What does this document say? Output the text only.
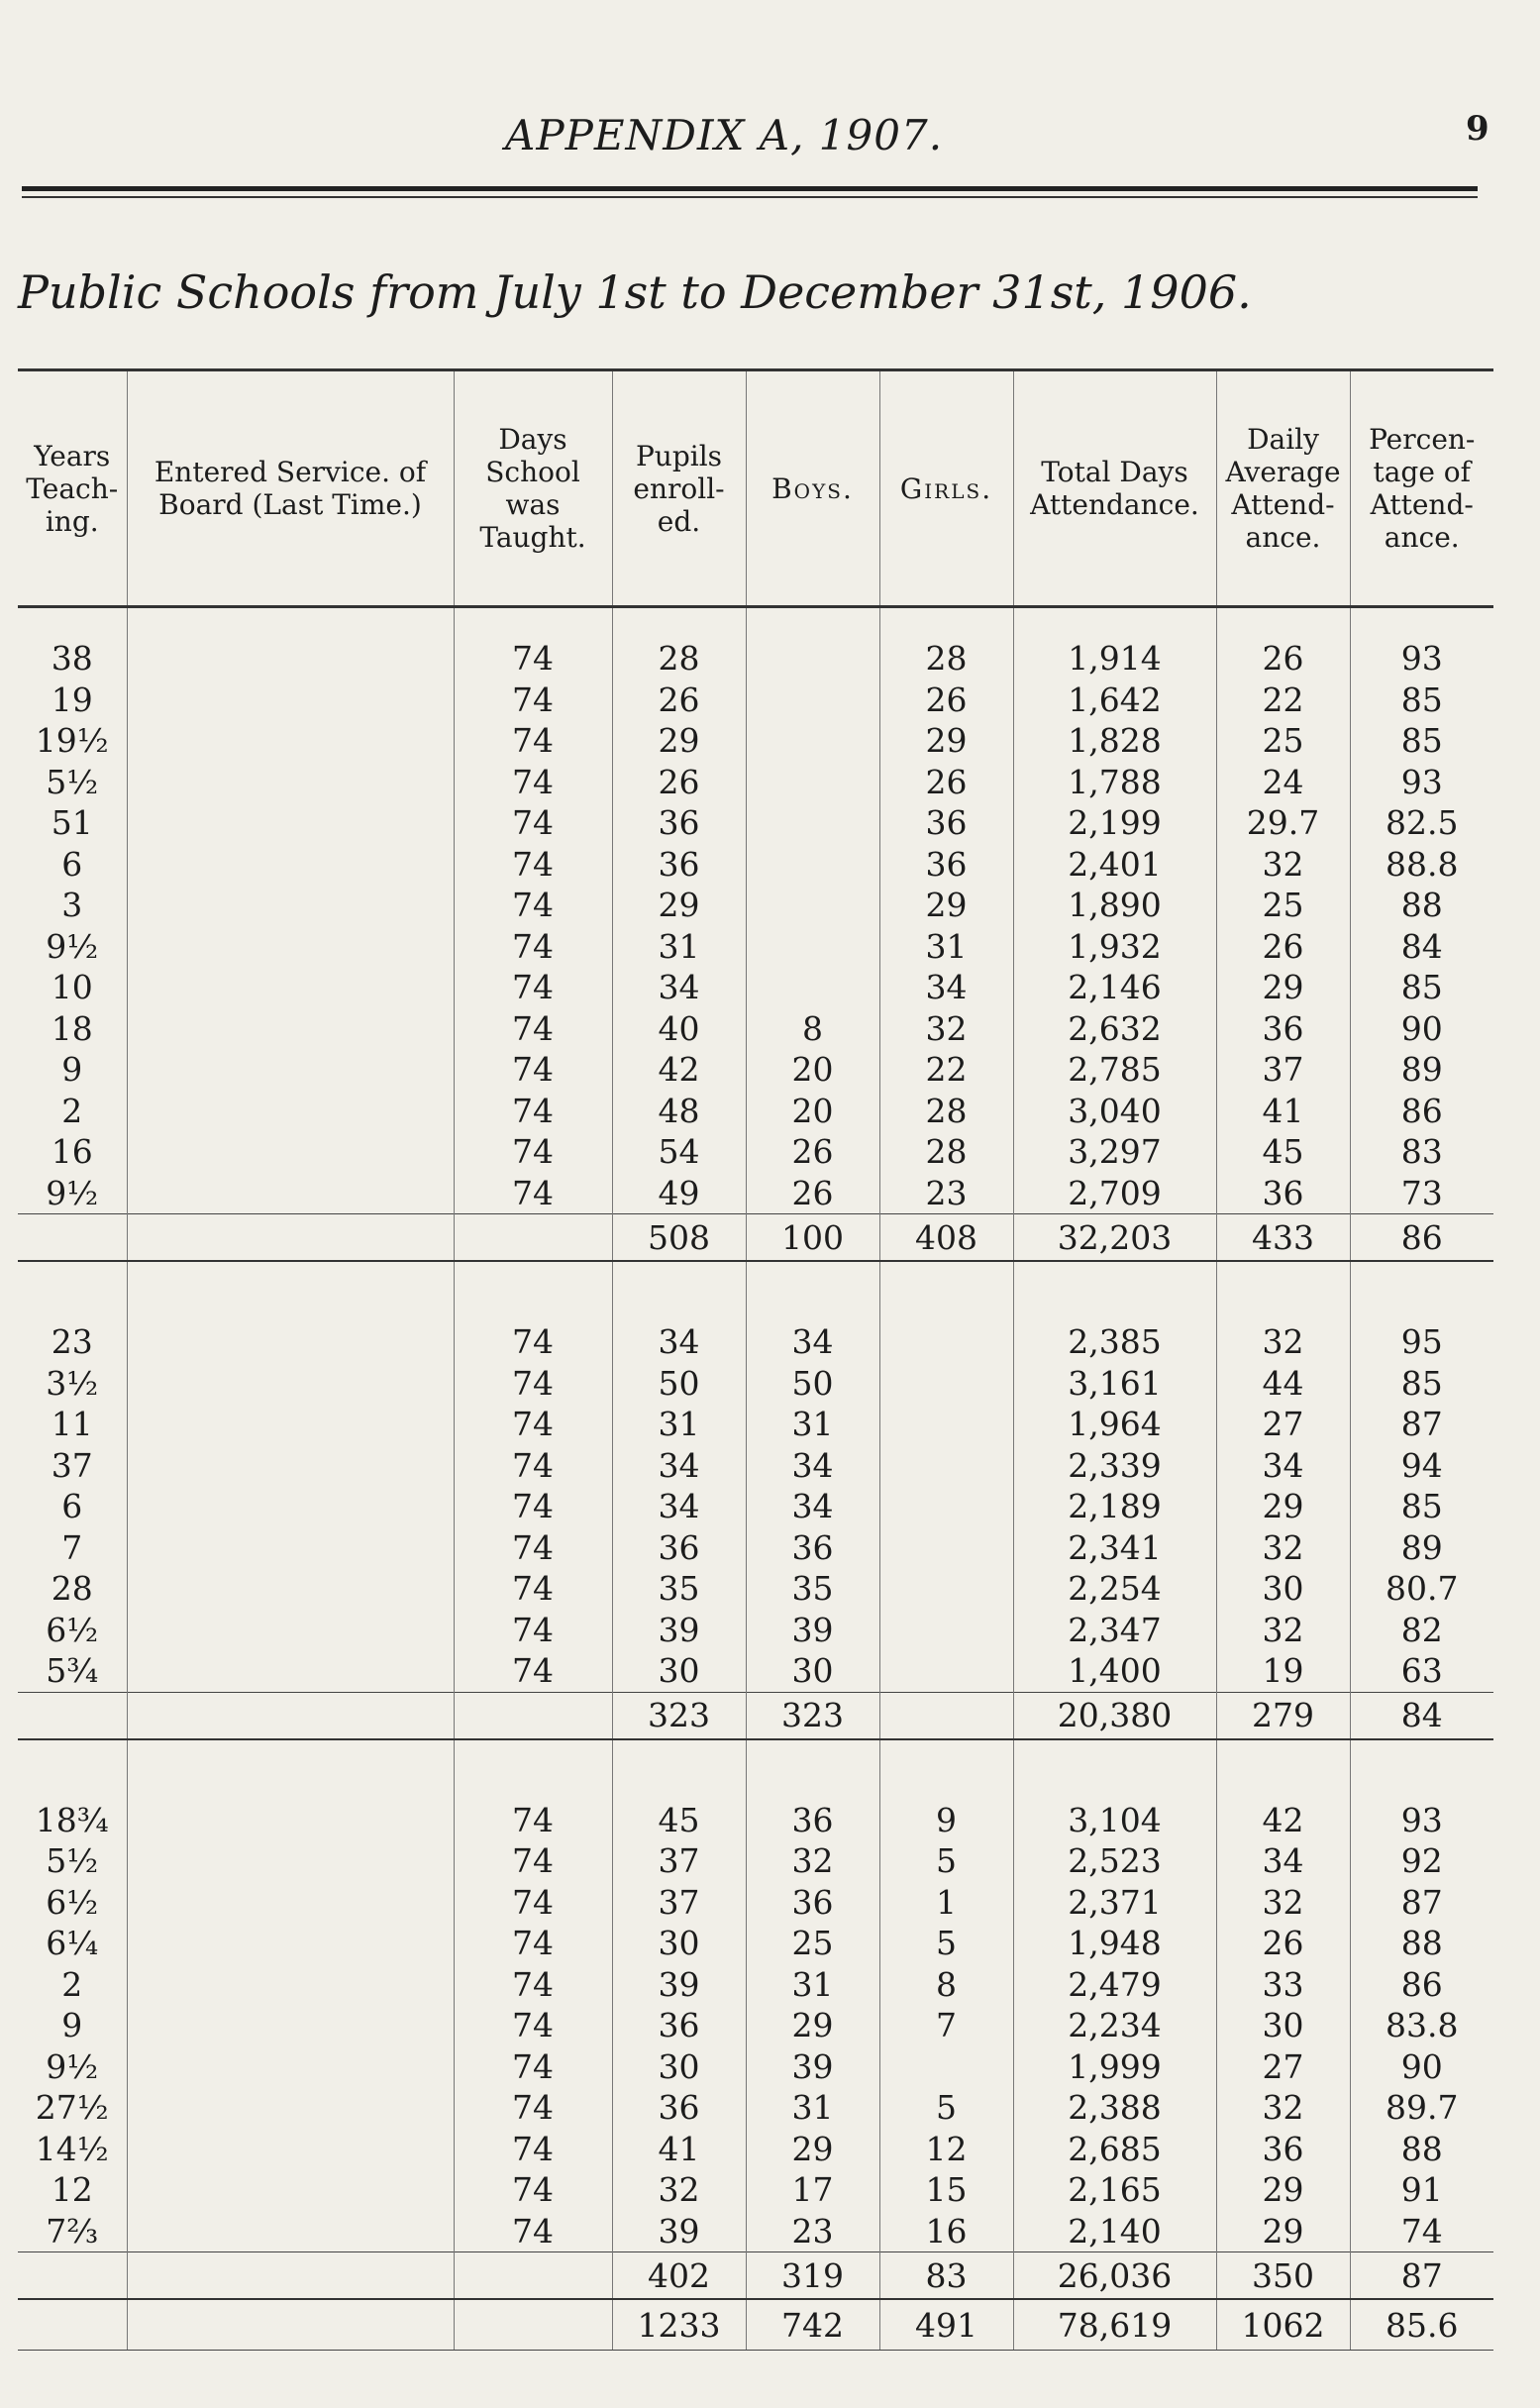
APPENDIX A, 1907.	9
Public Schools from July 1st to December 31st, 1906.
Years Teach-ing.	Entered Service. of Board (Last Time.)	Days School was Taught.	Pupils enroll-ed.	Boys.	Girls.	Total Days Attendance.	Daily Average Attend-ance.	Percen-tage of Attend-ance.
38		74	28		28	1,914	26	93
19		74	26		26	1,642	22	85
19½		74	29		29	1,828	25	85
5½		74	26		26	1,788	24	93
51		74	36		36	2,199	29.7	82.5
6		74	36		36	2,401	32	88.8
3		74	29		29	1,890	25	88
9½		74	31		31	1,932	26	84
10		74	34		34	2,146	29	85
18		74	40	8	32	2,632	36	90
9		74	42	20	22	2,785	37	89
2		74	48	20	28	3,040	41	86
16		74	54	26	28	3,297	45	83
9½		74	49	26	23	2,709	36	73
			508	100	408	32,203	433	86

23		74	34	34		2,385	32	95
3½		74	50	50		3,161	44	85
11		74	31	31		1,964	27	87
37		74	34	34		2,339	34	94
6		74	34	34		2,189	29	85
7		74	36	36		2,341	32	89
28		74	35	35		2,254	30	80.7
6½		74	39	39		2,347	32	82
5¾		74	30	30		1,400	19	63
			323	323		20,380	279	84

18¾		74	45	36	9	3,104	42	93
5½		74	37	32	5	2,523	34	92
6½		74	37	36	1	2,371	32	87
6¼		74	30	25	5	1,948	26	88
2		74	39	31	8	2,479	33	86
9		74	36	29	7	2,234	30	83.8
9½		74	30	39		1,999	27	90
27½		74	36	31	5	2,388	32	89.7
14½		74	41	29	12	2,685	36	88
12		74	32	17	15	2,165	29	91
7⅔		74	39	23	16	2,140	29	74
			402	319	83	26,036	350	87
			1233	742	491	78,619	1062	85.6
